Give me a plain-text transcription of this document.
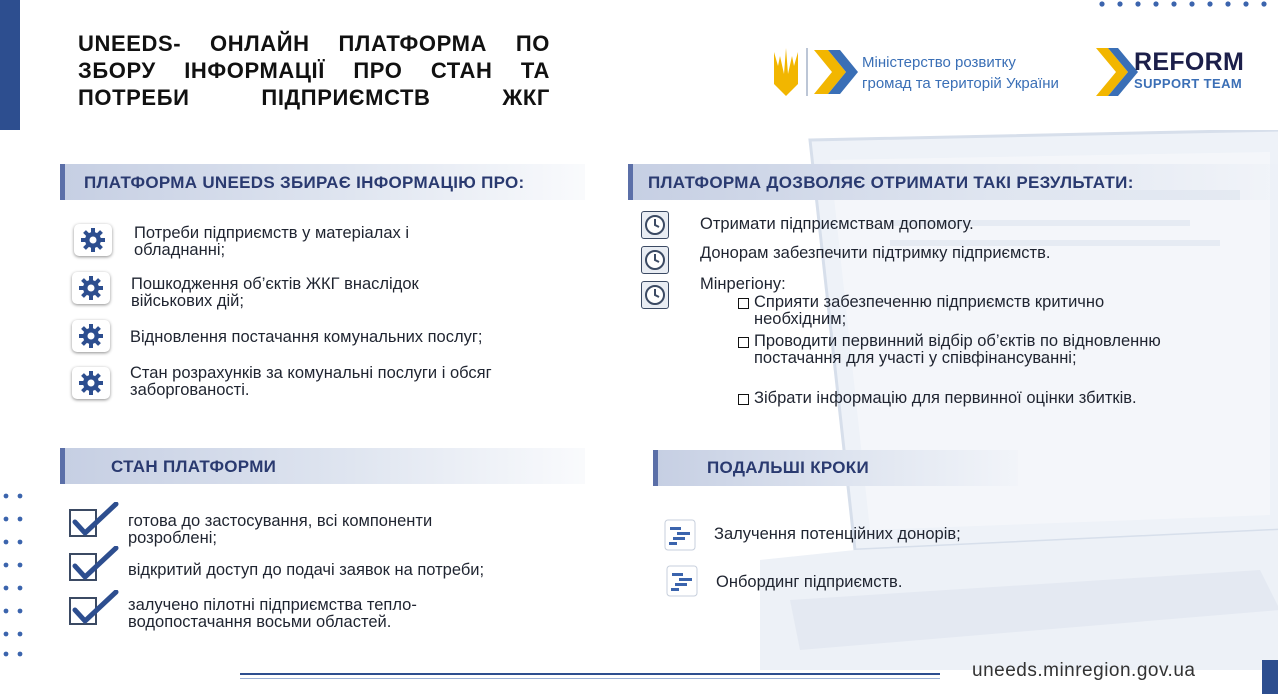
UNEEDS- ОНЛАЙН ПЛАТФОРМА ПО ЗБОРУ ІНФОРМАЦІЇ ПРО СТАН ТА ПОТРЕБИ ПІДПРИЄМСТВ ЖКГ
Міністерство розвитку
громад та територій України
REFORM
SUPPORT TEAM
ПЛАТФОРМА UNEEDS ЗБИРАЄ ІНФОРМАЦІЮ ПРО:
Потреби підприємств у матеріалах і обладнанні;
Пошкодження об’єктів ЖКГ внаслідок військових дій;
Відновлення постачання комунальних послуг;
Стан розрахунків за комунальні послуги і обсяг заборгованості.
ПЛАТФОРМА ДОЗВОЛЯЄ ОТРИМАТИ ТАКІ РЕЗУЛЬТАТИ:
Отримати підприємствам допомогу.
Донорам забезпечити підтримку підприємств.
Мінрегіону:
Сприяти забезпеченню підприємств критично необхідним;
Проводити первинний відбір об’єктів по відновленню постачання для участі у співфінансуванні;
Зібрати інформацію для первинної оцінки збитків.
СТАН ПЛАТФОРМИ
готова до застосування, всі компоненти розроблені;
відкритий доступ до подачі заявок на потреби;
залучено пілотні підприємства тепло-водопостачання восьми областей.
ПОДАЛЬШІ КРОКИ
Залучення потенційних донорів;
Онбординг підприємств.
uneeds.minregion.gov.ua
